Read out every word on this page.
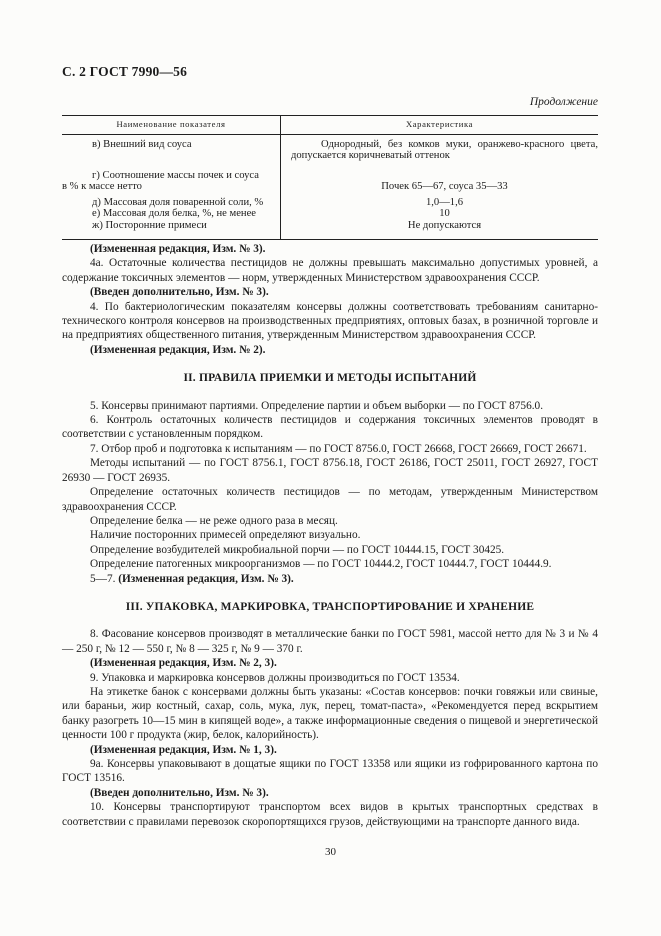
С. 2 ГОСТ 7990—56
Продолжение
Наименование показателя	Характеристика

в) Внешний вид соуса	Однородный, без комков муки, оранжево-красного цвета,
допускается коричневатый оттенок

г) Соотношение массы почек и соуса
в % к массе нетто	Почек 65—67, соуса 35—33

д) Массовая доля поваренной соли, %	1,0—1,6

е) Массовая доля белка, %, не менее	10

ж) Посторонние примеси	Не допускаются

(Измененная редакция, Изм. № 3).

4а. Остаточные количества пестицидов не должны превышать максимально допустимых уровней, а содержание токсичных элементов — норм, утвержденных Министерством здравоохранения СССР.

(Введен дополнительно, Изм. № 3).

4. По бактериологическим показателям консервы должны соответствовать требованиям санитарно-технического контроля консервов на производственных предприятиях, оптовых базах, в розничной торговле и на предприятиях общественного питания, утвержденным Министерством здравоохранения СССР.

(Измененная редакция, Изм. № 2).

II. ПРАВИЛА ПРИЕМКИ И МЕТОДЫ ИСПЫТАНИЙ

5. Консервы принимают партиями. Определение партии и объем выборки — по ГОСТ 8756.0.

6. Контроль остаточных количеств пестицидов и содержания токсичных элементов проводят в соответствии с установленным порядком.

7. Отбор проб и подготовка к испытаниям — по ГОСТ 8756.0, ГОСТ 26668, ГОСТ 26669, ГОСТ 26671.

Методы испытаний — по ГОСТ 8756.1, ГОСТ 8756.18, ГОСТ 26186, ГОСТ 25011, ГОСТ 26927, ГОСТ 26930 — ГОСТ 26935.

Определение остаточных количеств пестицидов — по методам, утвержденным Министерством здравоохранения СССР.

Определение белка — не реже одного раза в месяц.

Наличие посторонних примесей определяют визуально.

Определение возбудителей микробиальной порчи — по ГОСТ 10444.15, ГОСТ 30425.

Определение патогенных микроорганизмов — по ГОСТ 10444.2, ГОСТ 10444.7, ГОСТ 10444.9.

5—7. (Измененная редакция, Изм. № 3).

III. УПАКОВКА, МАРКИРОВКА, ТРАНСПОРТИРОВАНИЕ И ХРАНЕНИЕ

8. Фасование консервов производят в металлические банки по ГОСТ 5981, массой нетто для № 3 и № 4 — 250 г, № 12 — 550 г, № 8 — 325 г, № 9 — 370 г.

(Измененная редакция, Изм. № 2, 3).

9. Упаковка и маркировка консервов должны производиться по ГОСТ 13534.

На этикетке банок с консервами должны быть указаны: «Состав консервов: почки говяжьи или свиные, или бараньи, жир костный, сахар, соль, мука, лук, перец, томат-паста», «Рекомендуется перед вскрытием банку разогреть 10—15 мин в кипящей воде», а также информационные сведения о пищевой и энергетической ценности 100 г продукта (жир, белок, калорийность).

(Измененная редакция, Изм. № 1, 3).

9а. Консервы упаковывают в дощатые ящики по ГОСТ 13358 или ящики из гофрированного картона по ГОСТ 13516.

(Введен дополнительно, Изм. № 3).

10. Консервы транспортируют транспортом всех видов в крытых транспортных средствах в соответствии с правилами перевозок скоропортящихся грузов, действующими на транспорте данного вида.

30
